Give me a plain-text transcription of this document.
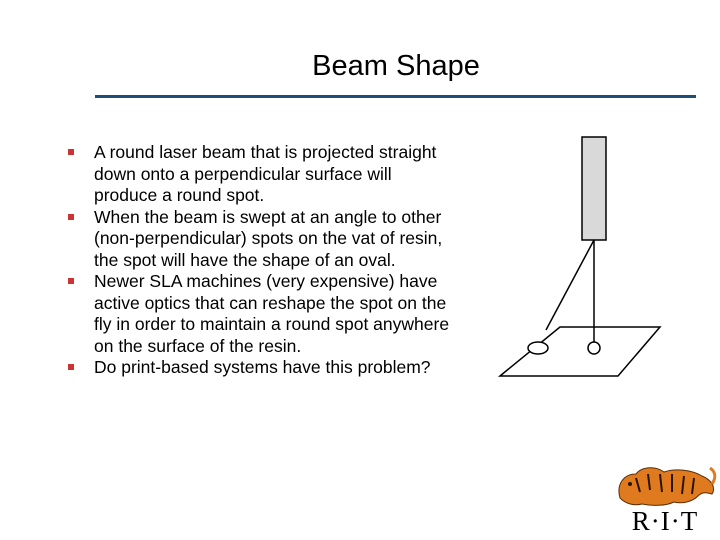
Beam Shape
A round laser beam that is projected straight down onto a perpendicular surface will produce a round spot.
When the beam is swept at an angle to other (non-perpendicular) spots on the vat of resin, the spot will have the shape of an oval.
Newer SLA machines (very expensive) have active optics that can reshape the spot on the fly in order to maintain a round spot anywhere on the surface of the resin.
Do print-based systems have this problem?
R·I·T
